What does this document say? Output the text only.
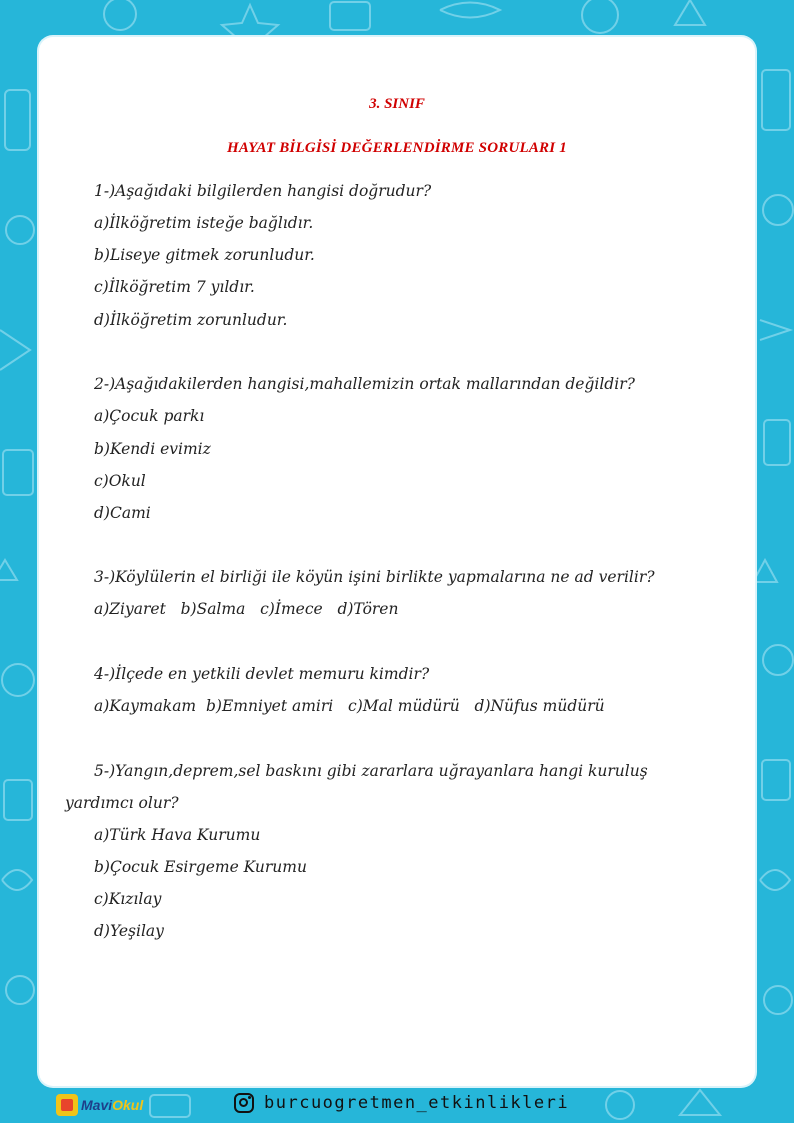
3. SINIF
HAYAT BİLGİSİ DEĞERLENDİRME SORULARI 1
1-)Aşağıdaki bilgilerden hangisi doğrudur?
a)İlköğretim isteğe bağlıdır.
b)Liseye gitmek zorunludur.
c)İlköğretim 7 yıldır.
d)İlköğretim zorunludur.
2-)Aşağıdakilerden hangisi,mahallemizin ortak mallarından değildir?
a)Çocuk parkı
b)Kendi evimiz
c)Okul
d)Cami
3-)Köylülerin el birliği ile köyün işini birlikte yapmalarına ne ad verilir?
a)Ziyaret   b)Salma   c)İmece   d)Tören
4-)İlçede en yetkili devlet memuru kimdir?
a)Kaymakam  b)Emniyet amiri   c)Mal müdürü   d)Nüfus müdürü
5-)Yangın,deprem,sel baskını gibi zararlara uğrayanlara hangi kuruluş
yardımcı olur?
a)Türk Hava Kurumu
b)Çocuk Esirgeme Kurumu
c)Kızılay
d)Yeşilay
MaviOkul	burcuogretmen_etkinlikleri
